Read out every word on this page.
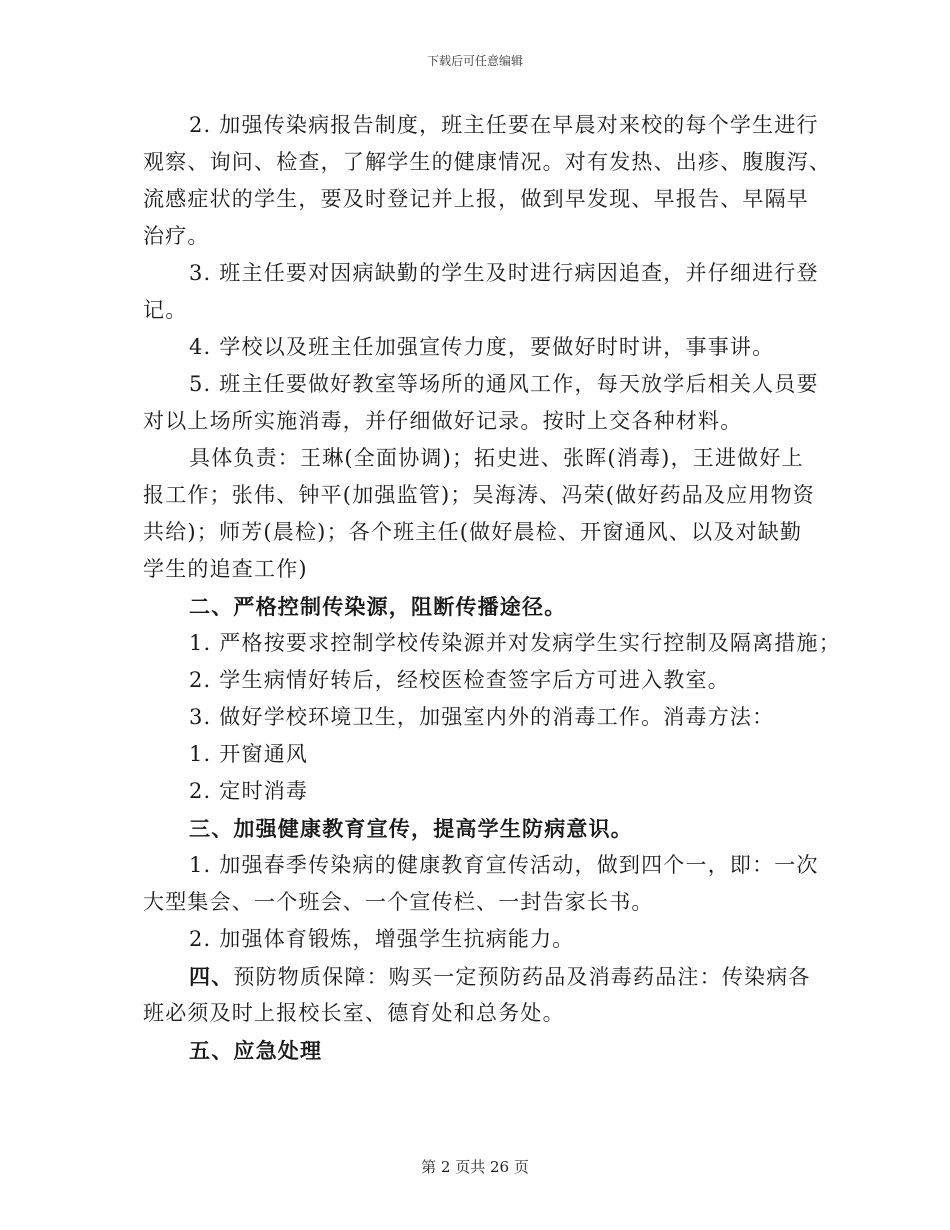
下载后可任意编辑
2. 加强传染病报告制度，班主任要在早晨对来校的每个学生进行
观察、询问、检查，了解学生的健康情况。对有发热、出疹、腹腹泻、
流感症状的学生，要及时登记并上报，做到早发现、早报告、早隔早
治疗。
3. 班主任要对因病缺勤的学生及时进行病因追查，并仔细进行登
记。
4. 学校以及班主任加强宣传力度，要做好时时讲，事事讲。
5. 班主任要做好教室等场所的通风工作，每天放学后相关人员要
对以上场所实施消毒，并仔细做好记录。按时上交各种材料。
具体负责：王琳(全面协调)；拓史进、张晖(消毒)，王进做好上
报工作；张伟、钟平(加强监管)；吴海涛、冯荣(做好药品及应用物资
共给)；师芳(晨检)；各个班主任(做好晨检、开窗通风、以及对缺勤
学生的追查工作)
二、严格控制传染源，阻断传播途径。
1. 严格按要求控制学校传染源并对发病学生实行控制及隔离措施；
2. 学生病情好转后，经校医检查签字后方可进入教室。
3. 做好学校环境卫生，加强室内外的消毒工作。消毒方法：
1. 开窗通风
2. 定时消毒
三、加强健康教育宣传，提高学生防病意识。
1. 加强春季传染病的健康教育宣传活动，做到四个一，即：一次
大型集会、一个班会、一个宣传栏、一封告家长书。
2. 加强体育锻炼，增强学生抗病能力。
四、预防物质保障：购买一定预防药品及消毒药品注：传染病各
班必须及时上报校长室、德育处和总务处。
五、应急处理
第 2 页共 26 页
